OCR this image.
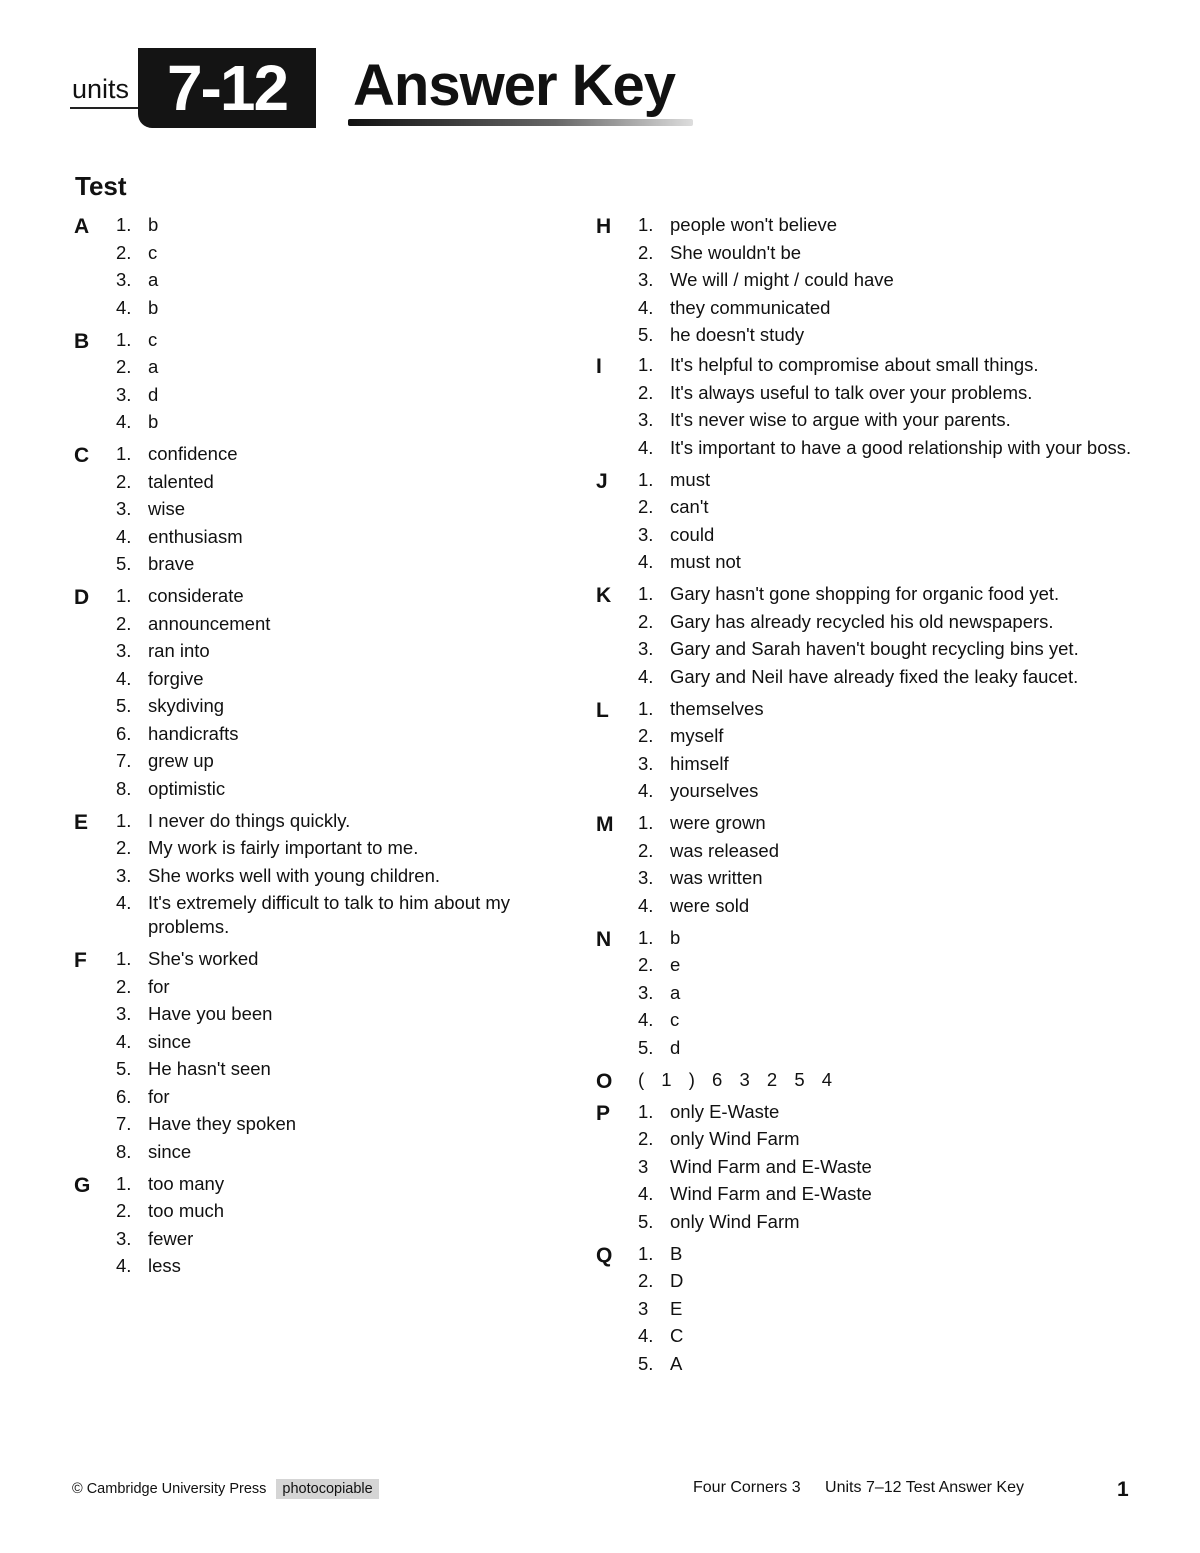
units 7-12	Answer Key
Test
A 1. b
2. c
3. a
4. b
B 1. c
2. a
3. d
4. b
C 1. confidence
2. talented
3. wise
4. enthusiasm
5. brave
D 1. considerate
2. announcement
3. ran into
4. forgive
5. skydiving
6. handicrafts
7. grew up
8. optimistic
E 1. I never do things quickly.
2. My work is fairly important to me.
3. She works well with young children.
4. It's extremely difficult to talk to him about my problems.
F 1. She's worked
2. for
3. Have you been
4. since
5. He hasn't seen
6. for
7. Have they spoken
8. since
G 1. too many
2. too much
3. fewer
4. less
H 1. people won't believe
2. She wouldn't be
3. We will / might / could have
4. they communicated
5. he doesn't study
I 1. It's helpful to compromise about small things.
2. It's always useful to talk over your problems.
3. It's never wise to argue with your parents.
4. It's important to have a good relationship with your boss.
J 1. must
2. can't
3. could
4. must not
K 1. Gary hasn't gone shopping for organic food yet.
2. Gary has already recycled his old newspapers.
3. Gary and Sarah haven't bought recycling bins yet.
4. Gary and Neil have already fixed the leaky faucet.
L 1. themselves
2. myself
3. himself
4. yourselves
M 1. were grown
2. was released
3. was written
4. were sold
N 1. b
2. e
3. a
4. c
5. d
O ( 1 ) 6 3 2 5 4
P 1. only E-Waste
2. only Wind Farm
3	Wind Farm and E-Waste
4. Wind Farm and E-Waste
5. only Wind Farm
Q 1. B
2. D
3	E
4. C
5. A
© Cambridge University Press	photocopiable	Four Corners 3 Units 7–12 Test Answer Key	1
